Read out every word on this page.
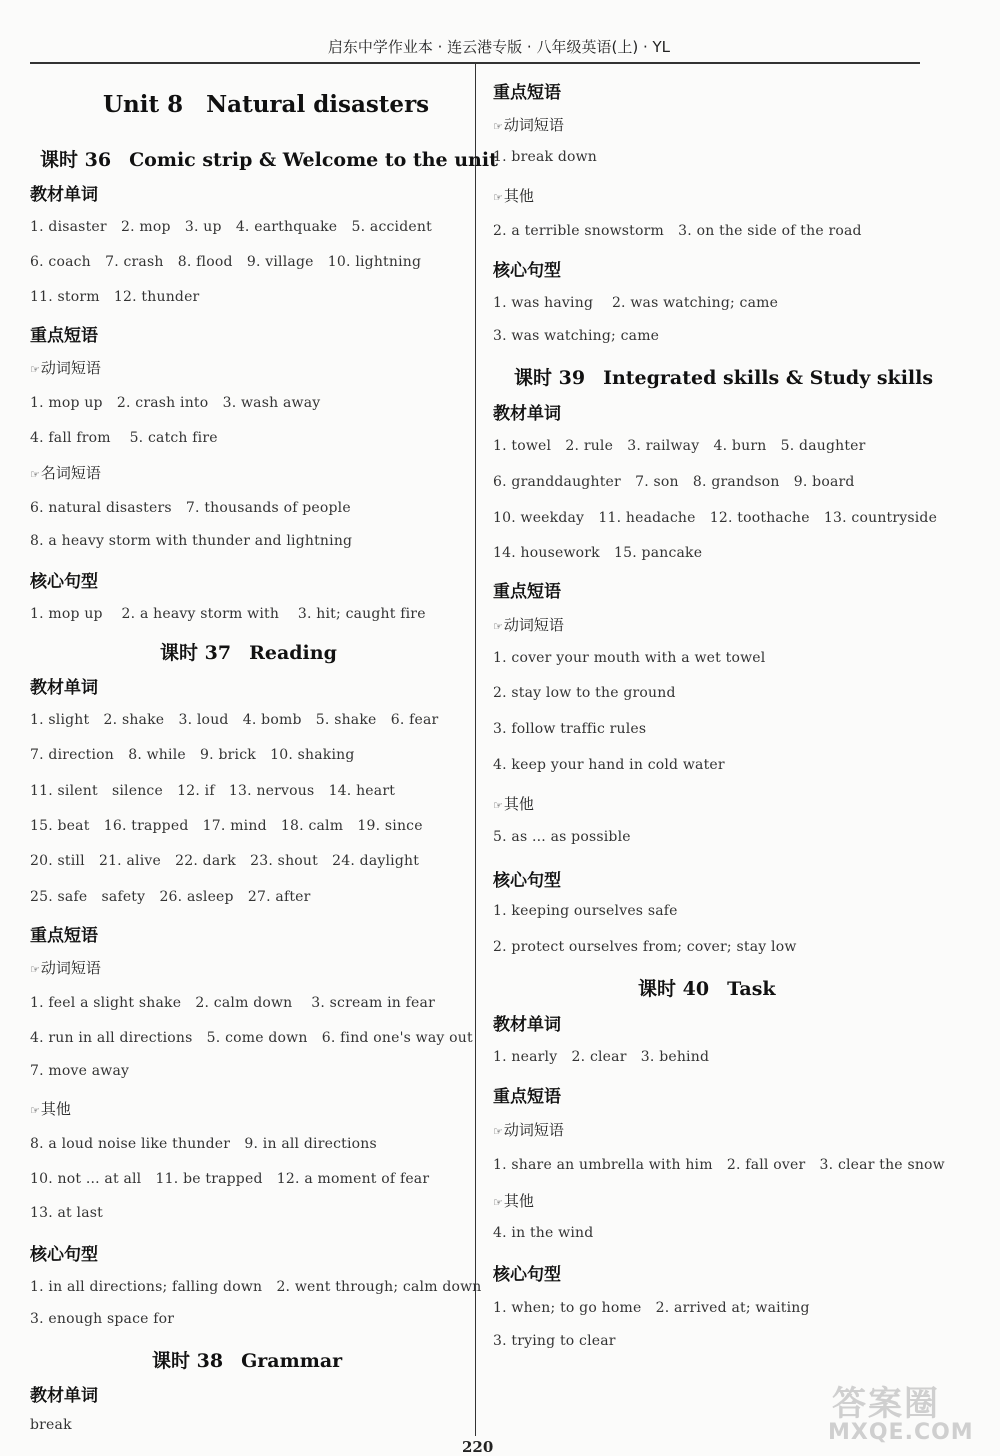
启东中学作业本 · 连云港专版 · 八年级英语(上) · YL
Unit 8　Natural disasters
课时 36 Comic strip & Welcome to the unit
教材单词
1. disaster　2. mop　3. up　4. earthquake　5. accident
6. coach　7. crash　8. flood　9. village　10. lightning
11. storm　12. thunder
重点短语
☞ 动词短语
1. mop up　2. crash into　3. wash away
4. fall from　 5. catch fire
☞ 名词短语
6. natural disasters　7. thousands of people
8. a heavy storm with thunder and lightning
核心句型
1. mop up　 2. a heavy storm with　 3. hit; caught fire
课时 37 Reading
教材单词
1. slight　2. shake　3. loud　4. bomb　5. shake　6. fear
7. direction　8. while　9. brick　10. shaking
11. silent　silence　12. if　13. nervous　14. heart
15. beat　16. trapped　17. mind　18. calm　19. since
20. still　21. alive　22. dark　23. shout　24. daylight
25. safe　safety　26. asleep　27. after
重点短语
☞ 动词短语
1. feel a slight shake　2. calm down　 3. scream in fear
4. run in all directions　5. come down　6. find one's way out
7. move away
☞ 其他
8. a loud noise like thunder　9. in all directions
10. not ... at all　11. be trapped　12. a moment of fear
13. at last
核心句型
1. in all directions; falling down　2. went through; calm down
3. enough space for
课时 38 Grammar
教材单词
break
重点短语
☞ 动词短语
1. break down
☞ 其他
2. a terrible snowstorm　3. on the side of the road
核心句型
1. was having　 2. was watching; came
3. was watching; came
课时 39 Integrated skills & Study skills
教材单词
1. towel　2. rule　3. railway　4. burn　5. daughter
6. granddaughter　7. son　8. grandson　9. board
10. weekday　11. headache　12. toothache　13. countryside
14. housework　15. pancake
重点短语
☞ 动词短语
1. cover your mouth with a wet towel
2. stay low to the ground
3. follow traffic rules
4. keep your hand in cold water
☞ 其他
5. as ... as possible
核心句型
1. keeping ourselves safe
2. protect ourselves from; cover; stay low
课时 40 Task
教材单词
1. nearly　2. clear　3. behind
重点短语
☞ 动词短语
1. share an umbrella with him　2. fall over　3. clear the snow
☞ 其他
4. in the wind
核心句型
1. when; to go home　2. arrived at; waiting
3. trying to clear
220
答案圈
MXQE.COM
